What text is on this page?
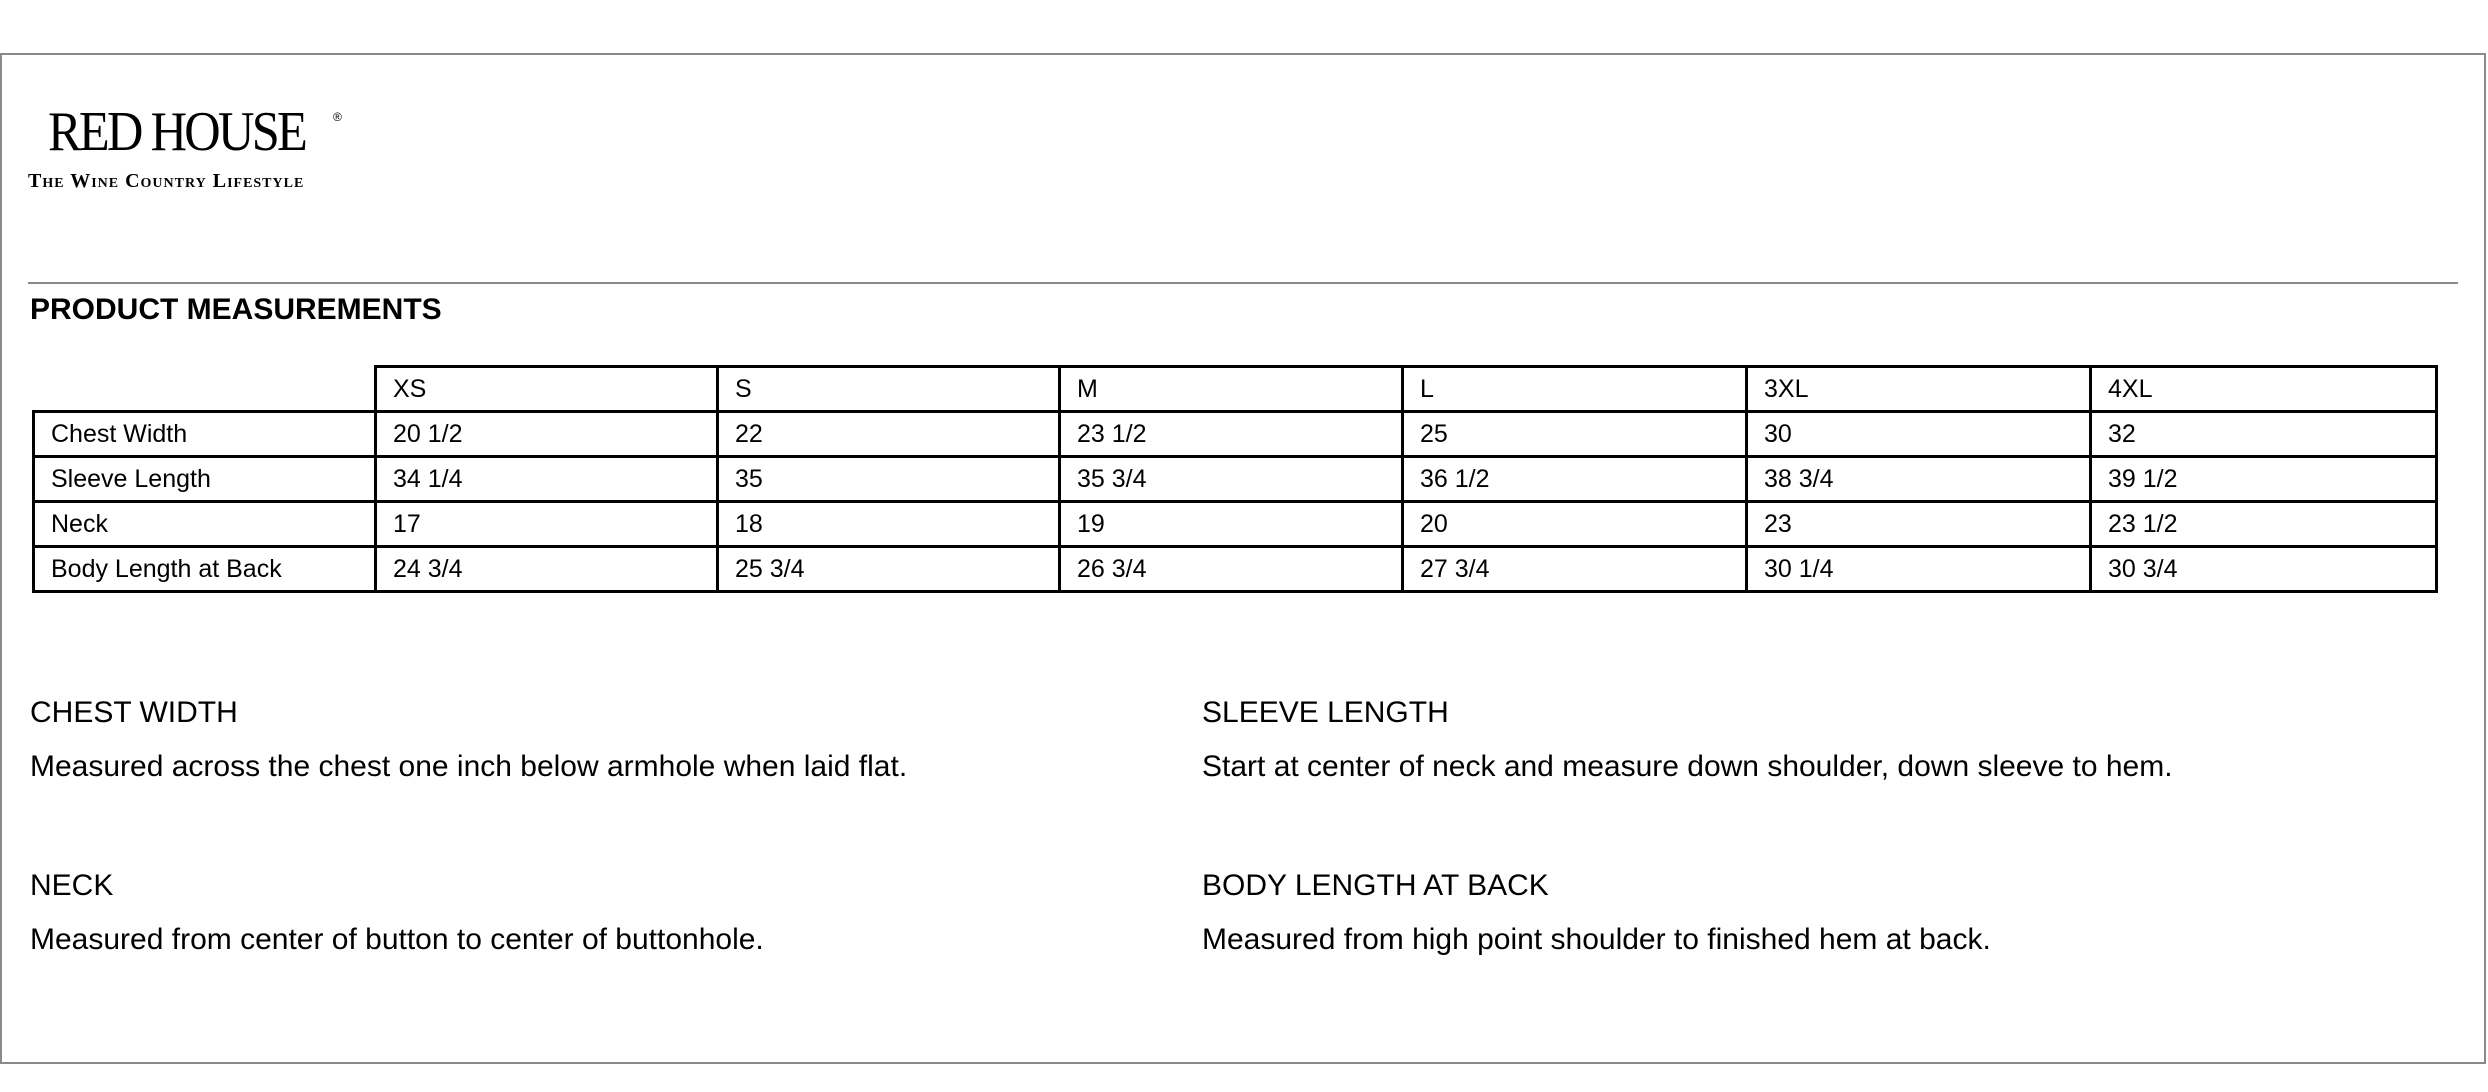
RED HOUSE ®
The Wine Country Lifestyle
PRODUCT MEASUREMENTS
	XS	S	M	L	3XL	4XL
Chest Width	20 1/2	22	23 1/2	25	30	32
Sleeve Length	34 1/4	35	35 3/4	36 1/2	38 3/4	39 1/2
Neck	17	18	19	20	23	23 1/2
Body Length at Back	24 3/4	25 3/4	26 3/4	27 3/4	30 1/4	30 3/4
CHEST WIDTH
Measured across the chest one inch below armhole when laid flat.
SLEEVE LENGTH
Start at center of neck and measure down shoulder, down sleeve to hem.
NECK
Measured from center of button to center of buttonhole.
BODY LENGTH AT BACK
Measured from high point shoulder to finished hem at back.
